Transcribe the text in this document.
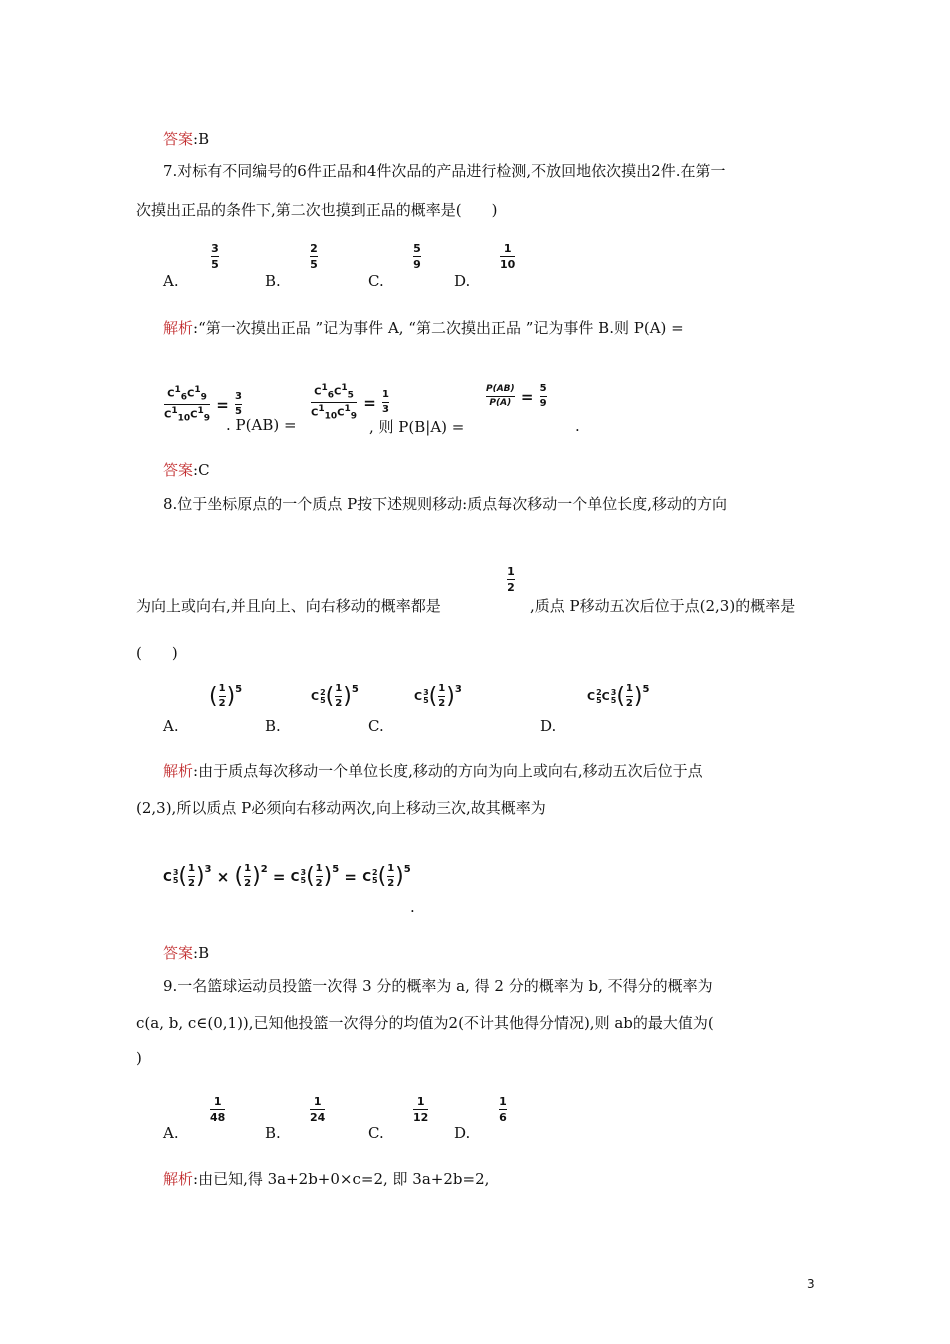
答案:B
7.对标有不同编号的6件正品和4件次品的产品进行检测,不放回地依次摸出2件.在第一
次摸出正品的条件下,第二次也摸到正品的概率是(　　)
A.
3
5
B.
2
5
C.
5
9
D.
1
10
解析:“第一次摸出正品 ”记为事件 A, “第二次摸出正品 ”记为事件 B.则 P(A) =
$C^1_6C^1_9$
$C^1_{10}C^1_9$
= 3
5
. P(AB) =
$C^1_6C^1_5$
$C^1_{10}C^1_9$
= 1
3
, 则 P(B|A) =
P(AB)
P(A) = 5
9
.
答案:C
8.位于坐标原点的一个质点 P按下述规则移动:质点每次移动一个单位长度,移动的方向
1
2
为向上或向右,并且向上、向右移动的概率都是	,质点 P移动五次后位于点(2,3)的概率是
(　　)
A.
( 1
2 ) 5
B.
C 2
5 ( 1
2 ) 5
C.
C 3
5 ( 1
2 ) 3
D.
C 2
5 C 3
5 ( 1
2 ) 5
解析:由于质点每次移动一个单位长度,移动的方向为向上或向右,移动五次后位于点
(2,3),所以质点 P必须向右移动两次,向上移动三次,故其概率为
C 3
5 ( 1
2 )$^3$ × ( 1
2 )$^2$ = C 3
5 ( 1
2 )$^5$ = C 2
5 ( 1
2 )$^5$
.
答案:B
9.一名篮球运动员投篮一次得 3 分的概率为 a, 得 2 分的概率为 b, 不得分的概率为
c(a, b, c∈(0,1)),已知他投篮一次得分的均值为2(不计其他得分情况),则 ab的最大值为(
)
A.
1
48
B.
1
24
C.
1
12
D.
1
6
解析:由已知,得 3a+2b+0×c=2, 即 3a+2b=2,
3
